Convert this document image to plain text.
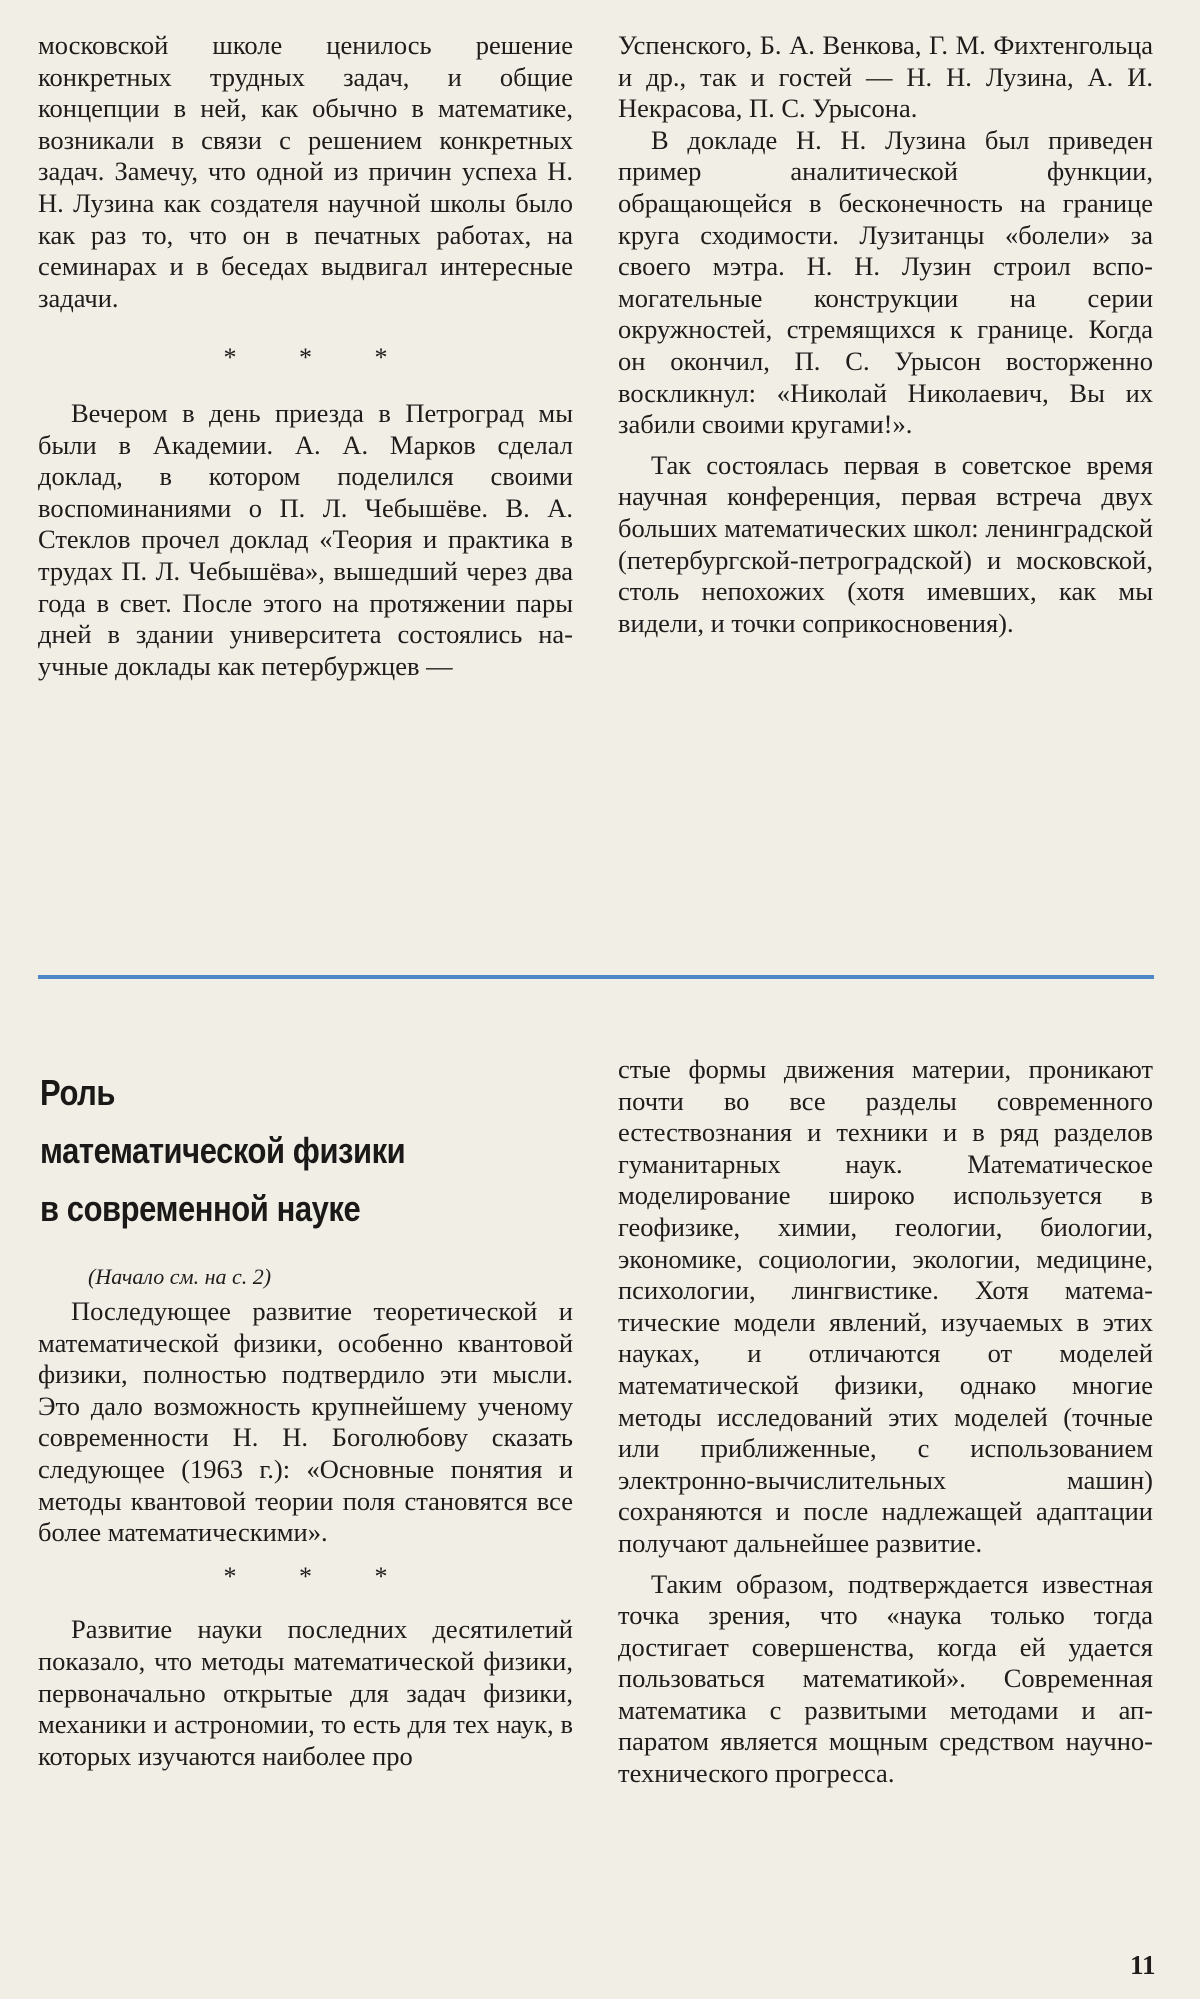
московской школе ценилось решение конкретных трудных задач, и общие концепции в ней, как обычно в математике, возникали в связи с решением конкретных задач. Замечу, что одной из причин успеха Н. Н. Лузина как создателя научной школы было как раз то, что он в печатных работах, на семинарах и в беседах выдвигал интересные задачи.

* * *

Вечером в день приезда в Петроград мы были в Академии. А. А. Марков сделал доклад, в котором поделился своими воспоминаниями о П. Л. Чебышёве. В. А. Стеклов прочел доклад «Теория и практика в трудах П. Л. Чебышёва», вышедший через два года в свет. После этого на протяжении пары дней в здании университета состоялись научные доклады как петербуржцев —

Успенского, Б. А. Венкова, Г. М. Фихтенгольца и др., так и гостей — Н. Н. Лузина, А. И. Некрасова, П. С. Урысона.

В докладе Н. Н. Лузина был приведен пример аналитической функции, обращающейся в бесконечность на границе круга сходимости. Лузитанцы «болели» за своего мэтра. Н. Н. Лузин строил вспомогательные конструкции на серии окружностей, стремящихся к границе. Когда он окончил, П. С. Урысон восторженно воскликнул: «Николай Николаевич, Вы их забили своими кругами!».

Так состоялась первая в советское время научная конференция, первая встреча двух больших математических школ: ленинградской (петербургской-петроградской) и московской, столь непохожих (хотя имевших, как мы видели, и точки соприкосновения).

Роль
математической физики
в современной науке
(Начало см. на с. 2)

Последующее развитие теоретической и математической физики, особенно квантовой физики, полностью подтвердило эти мысли. Это дало возможность крупнейшему ученому современности Н. Н. Боголюбову сказать следующее (1963 г.): «Основные понятия и методы квантовой теории поля становятся все более математическими».

* * *

Развитие науки последних десятилетий показало, что методы математической физики, первоначально открытые для задач физики, механики и астрономии, то есть для тех наук, в которых изучаются наиболее про

стые формы движения материи, проникают почти во все разделы современного естествознания и техники и в ряд разделов гуманитарных наук. Математическое моделирование широко используется в геофизике, химии, геологии, биологии, экономике, социологии, экологии, медицине, психологии, лингвистике. Хотя математические модели явлений, изучаемых в этих науках, и отличаются от моделей математической физики, однако многие методы исследований этих моделей (точные или приближенные, с использованием электронно-вычислительных машин) сохраняются и после надлежащей адаптации получают дальнейшее развитие.

Таким образом, подтверждается известная точка зрения, что «наука только тогда достигает совершенства, когда ей удается пользоваться математикой». Современная математика с развитыми методами и аппаратом является мощным средством научно-технического прогресса.

11
